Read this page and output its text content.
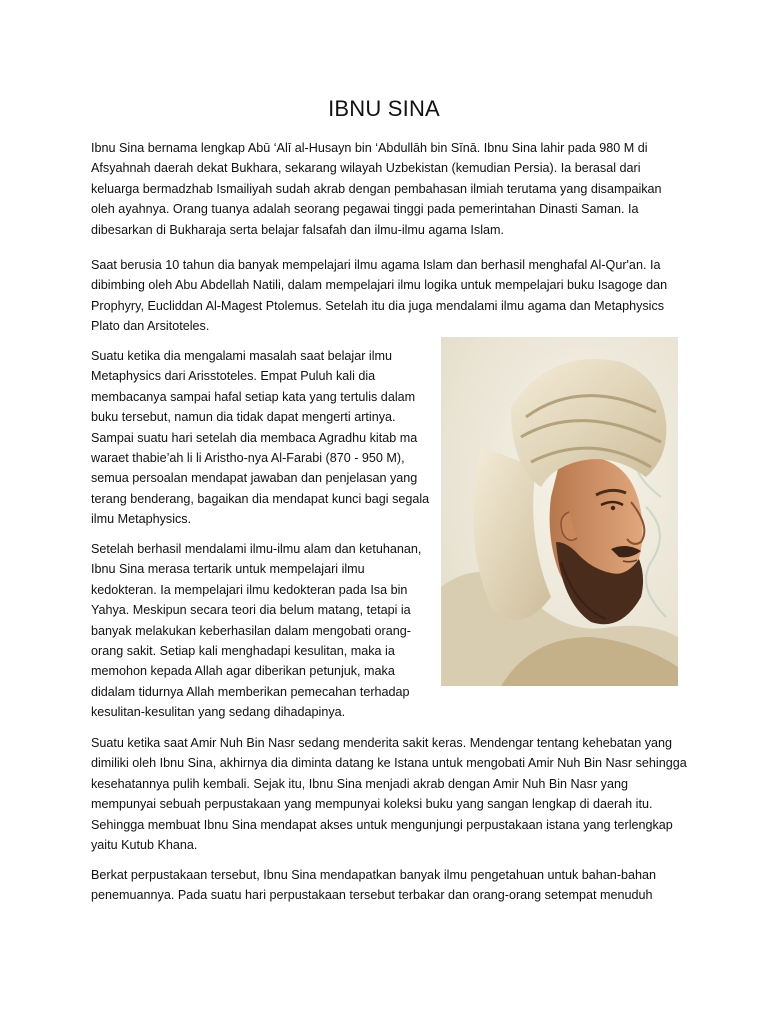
IBNU SINA

Ibnu Sina bernama lengkap Abū ‘Alī al-Husayn bin ‘Abdullāh bin Sīnā. Ibnu Sina lahir pada 980 M di Afsyahnah daerah dekat Bukhara, sekarang wilayah Uzbekistan (kemudian Persia). Ia berasal dari keluarga bermadzhab Ismailiyah sudah akrab dengan pembahasan ilmiah terutama yang disampaikan oleh ayahnya. Orang tuanya adalah seorang pegawai tinggi pada pemerintahan Dinasti Saman. Ia dibesarkan di Bukharaja serta belajar falsafah dan ilmu-ilmu agama Islam.

Saat berusia 10 tahun dia banyak mempelajari ilmu agama Islam dan berhasil menghafal Al-Qur'an. Ia dibimbing oleh Abu Abdellah Natili, dalam mempelajari ilmu logika untuk mempelajari buku Isagoge dan Prophyry, Eucliddan Al-Magest Ptolemus. Setelah itu dia juga mendalami ilmu agama dan Metaphysics Plato dan Arsitoteles.

Suatu ketika dia mengalami masalah saat belajar ilmu Metaphysics dari Arisstoteles. Empat Puluh kali dia membacanya sampai hafal setiap kata yang tertulis dalam buku tersebut, namun dia tidak dapat mengerti artinya. Sampai suatu hari setelah dia membaca Agradhu kitab ma waraet thabie’ah li li Aristho-nya Al-Farabi (870 - 950 M), semua persoalan mendapat jawaban dan penjelasan yang terang benderang, bagaikan dia mendapat kunci bagi segala ilmu Metaphysics.

Setelah berhasil mendalami ilmu-ilmu alam dan ketuhanan, Ibnu Sina merasa tertarik untuk mempelajari ilmu kedokteran. Ia mempelajari ilmu kedokteran pada Isa bin Yahya. Meskipun secara teori dia belum matang, tetapi ia banyak melakukan keberhasilan dalam mengobati orang-orang sakit. Setiap kali menghadapi kesulitan, maka ia memohon kepada Allah agar diberikan petunjuk, maka didalam tidurnya Allah memberikan pemecahan terhadap kesulitan-kesulitan yang sedang dihadapinya.

Suatu ketika saat Amir Nuh Bin Nasr sedang menderita sakit keras. Mendengar tentang kehebatan yang dimiliki oleh Ibnu Sina, akhirnya dia diminta datang ke Istana untuk mengobati Amir Nuh Bin Nasr sehingga kesehatannya pulih kembali. Sejak itu, Ibnu Sina menjadi akrab dengan Amir Nuh Bin Nasr yang mempunyai sebuah perpustakaan yang mempunyai koleksi buku yang sangan lengkap di daerah itu. Sehingga membuat Ibnu Sina mendapat akses untuk mengunjungi perpustakaan istana yang terlengkap yaitu Kutub Khana.

Berkat perpustakaan tersebut, Ibnu Sina mendapatkan banyak ilmu pengetahuan untuk bahan-bahan penemuannya. Pada suatu hari perpustakaan tersebut terbakar dan orang-orang setempat menuduh
